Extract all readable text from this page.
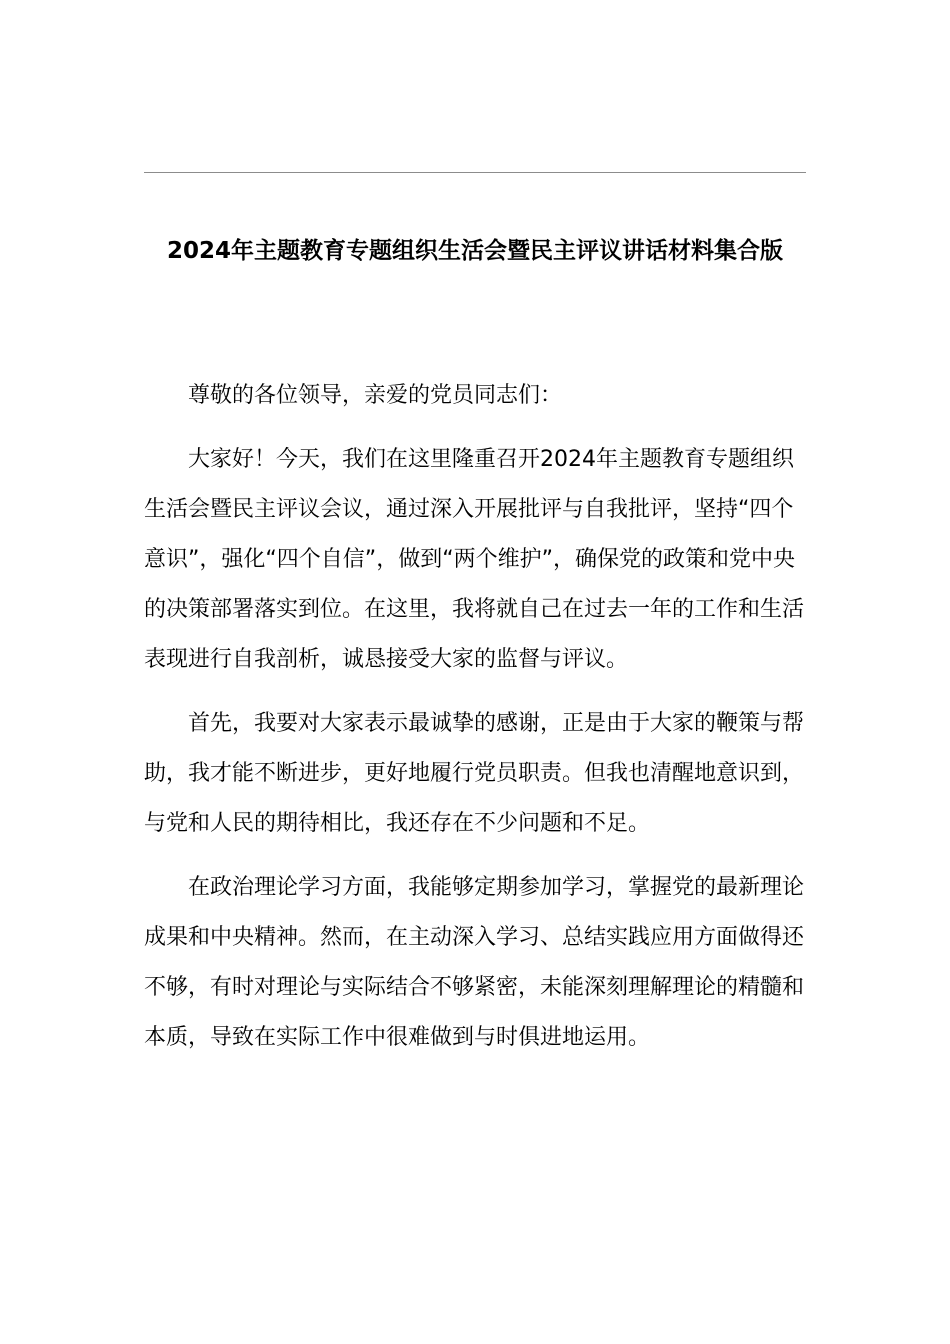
2024年主题教育专题组织生活会暨民主评议讲话材料集合版

尊敬的各位领导，亲爱的党员同志们：

大家好！今天，我们在这里隆重召开2024年主题教育专题组织生活会暨民主评议会议，通过深入开展批评与自我批评，坚持“四个意识”，强化“四个自信”，做到“两个维护”，确保党的政策和党中央的决策部署落实到位。在这里，我将就自己在过去一年的工作和生活表现进行自我剖析，诚恳接受大家的监督与评议。

首先，我要对大家表示最诚挚的感谢，正是由于大家的鞭策与帮助，我才能不断进步，更好地履行党员职责。但我也清醒地意识到，与党和人民的期待相比，我还存在不少问题和不足。

在政治理论学习方面，我能够定期参加学习，掌握党的最新理论成果和中央精神。然而，在主动深入学习、总结实践应用方面做得还不够，有时对理论与实际结合不够紧密，未能深刻理解理论的精髓和本质，导致在实际工作中很难做到与时俱进地运用。
